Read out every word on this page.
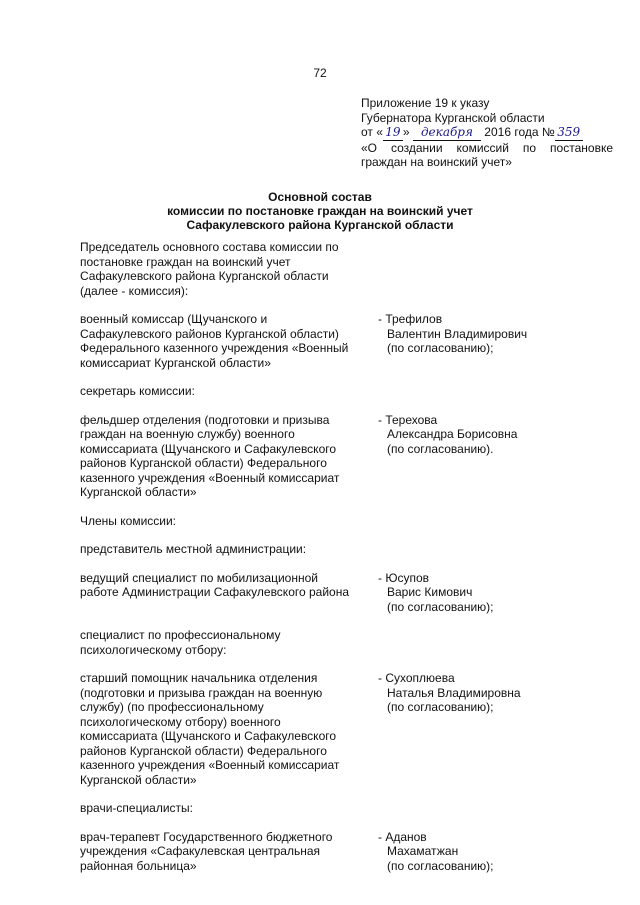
72
Приложение 19 к указу
Губернатора Курганской области
от « 19 » декабря 2016 года № 359
«О создании комиссий по постановке
граждан на воинский учет»
Основной состав
комиссии по постановке граждан на воинский учет
Сафакулевского района Курганской области
Председатель основного состава комиссии по
постановке граждан на воинский учет
Сафакулевского района Курганской области
(далее - комиссия):
военный комиссар (Щучанского и
Сафакулевского районов Курганской области)
Федерального казенного учреждения «Военный
комиссариат Курганской области»
- Трефилов
Валентин Владимирович
(по согласованию);
секретарь комиссии:
фельдшер отделения (подготовки и призыва
граждан на военную службу) военного
комиссариата (Щучанского и Сафакулевского
районов Курганской области) Федерального
казенного учреждения «Военный комиссариат
Курганской области»
- Терехова
Александра Борисовна
(по согласованию).
Члены комиссии:
представитель местной администрации:
ведущий специалист по мобилизационной
работе Администрации Сафакулевского района
- Юсупов
Варис Кимович
(по согласованию);
специалист по профессиональному
психологическому отбору:
старший помощник начальника отделения
(подготовки и призыва граждан на военную
службу) (по профессиональному
психологическому отбору) военного
комиссариата (Щучанского и Сафакулевского
районов Курганской области) Федерального
казенного учреждения «Военный комиссариат
Курганской области»
- Сухоплюева
Наталья Владимировна
(по согласованию);
врачи-специалисты:
врач-терапевт Государственного бюджетного
учреждения «Сафакулевская центральная
районная больница»
- Аданов
Махаматжан
(по согласованию);
